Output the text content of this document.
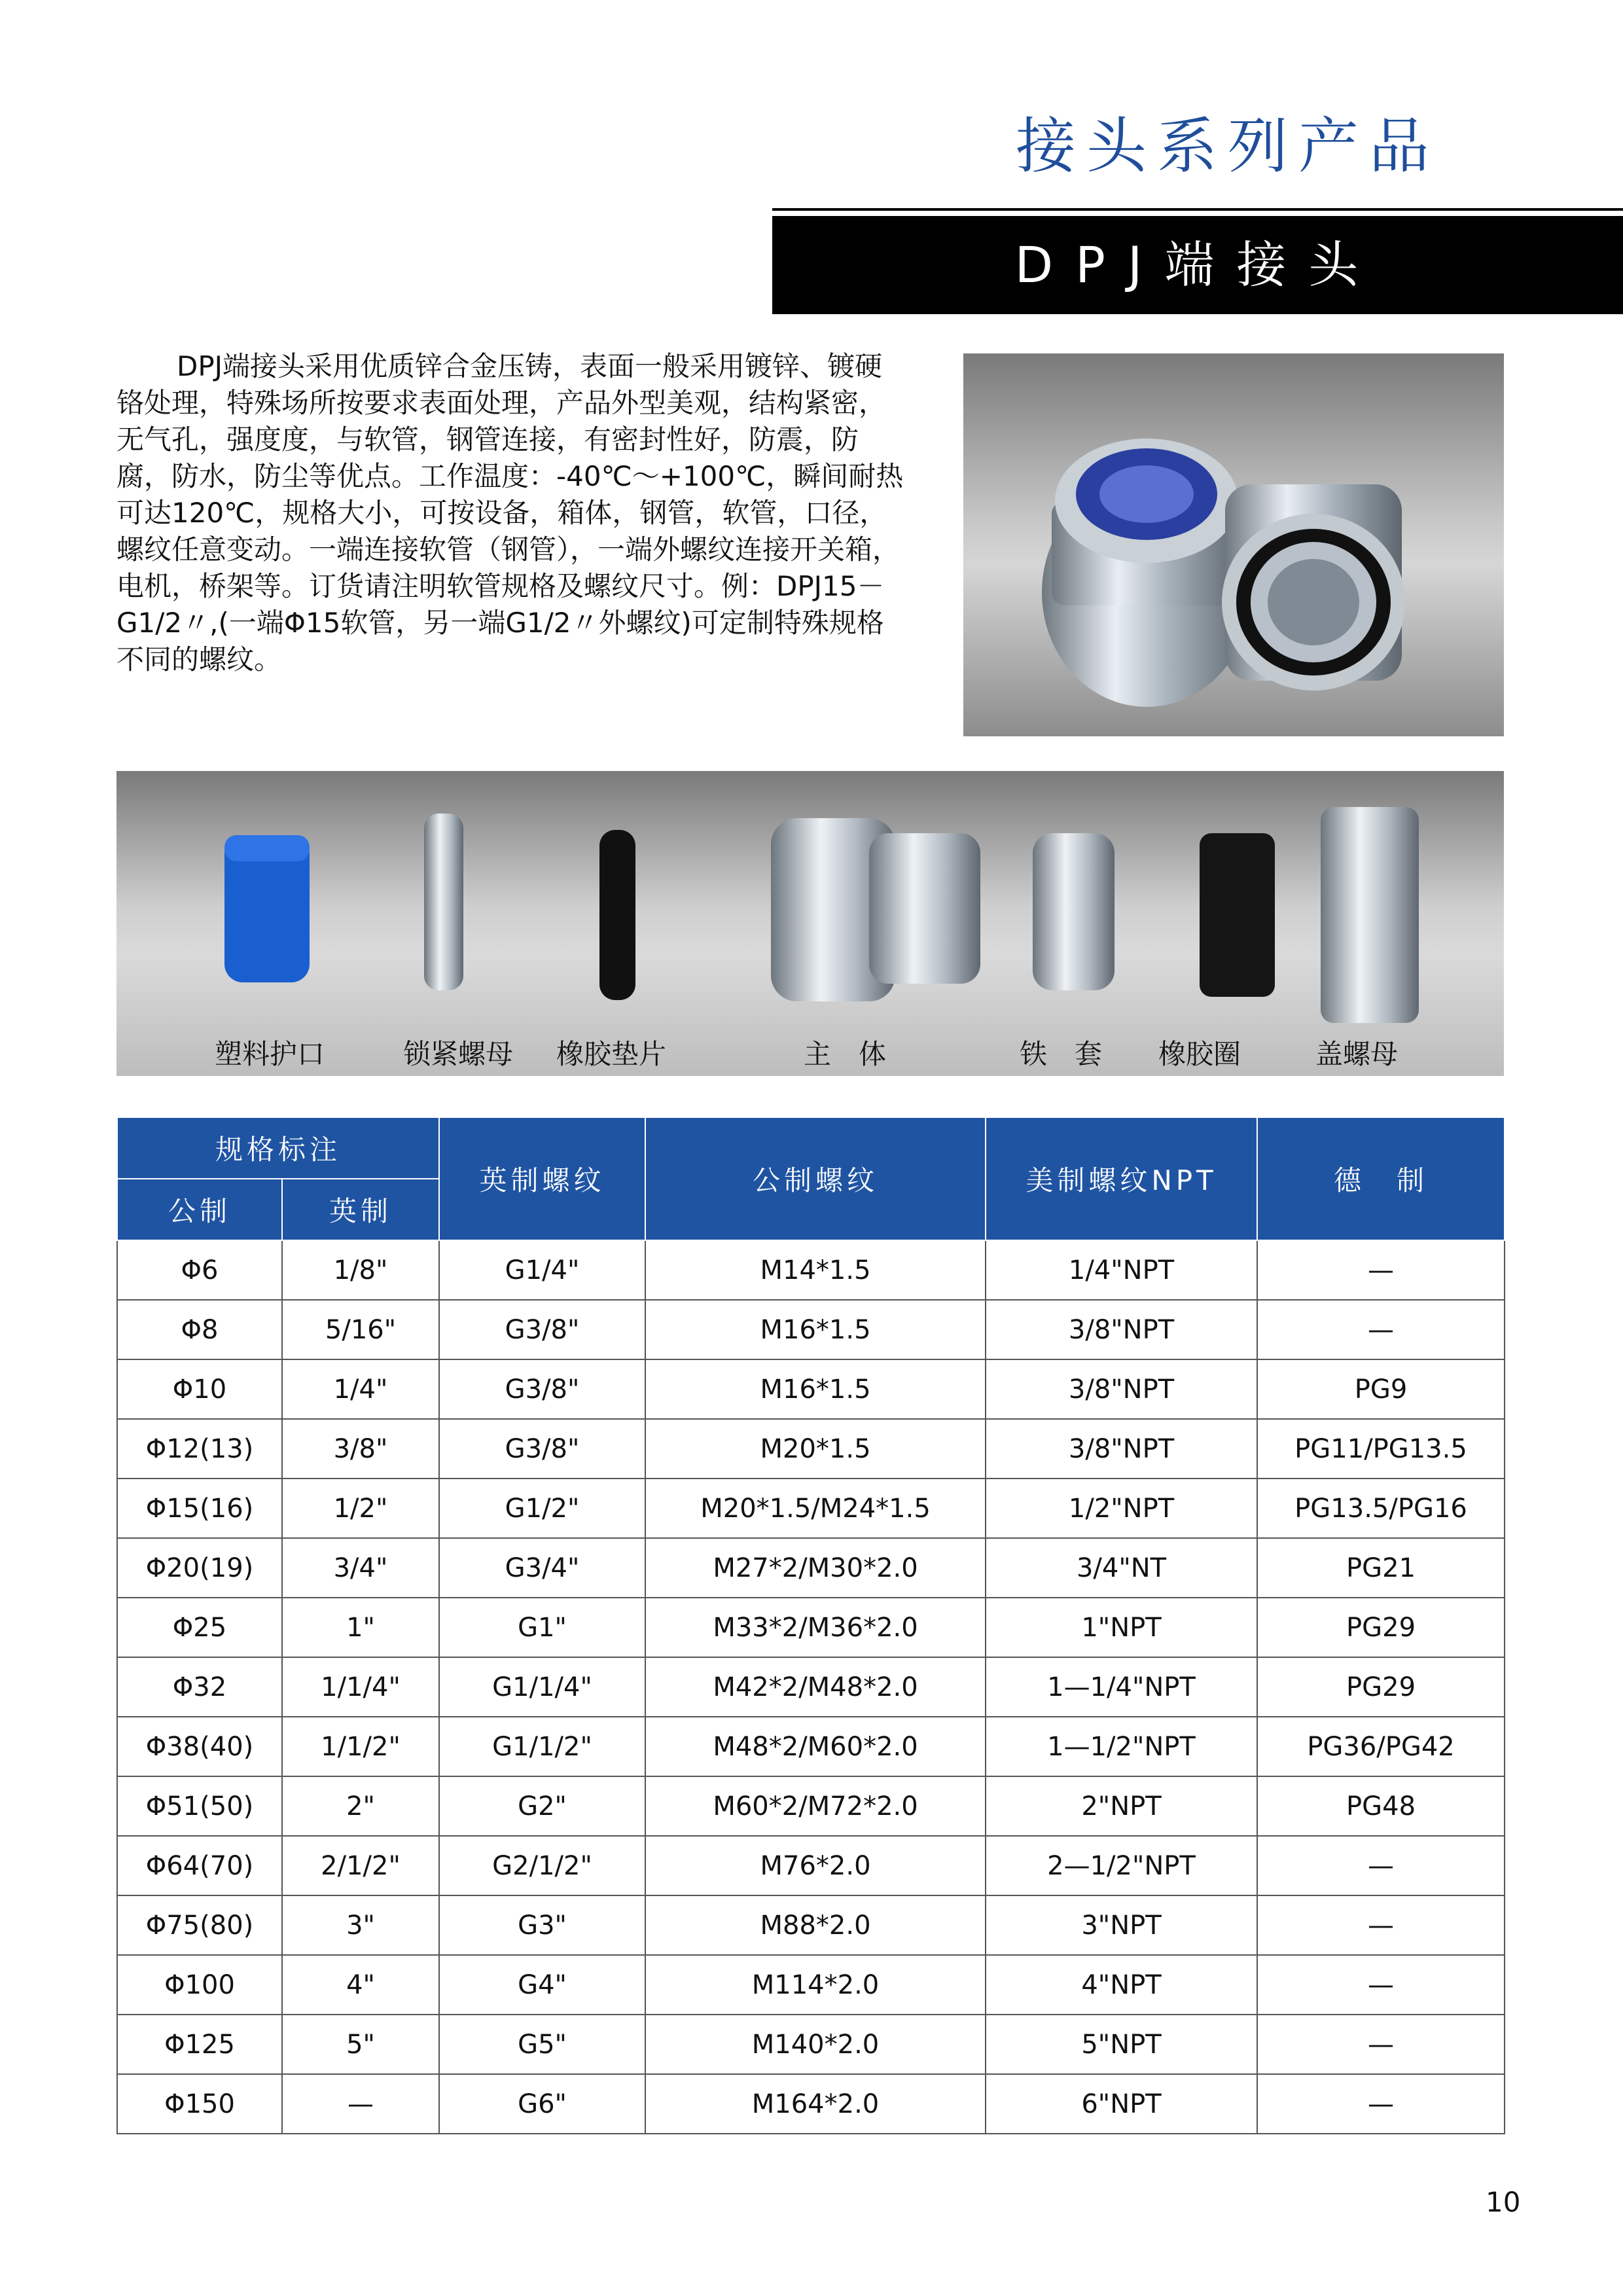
接头系列产品
DPJ端接头

DPJ端接头采用优质锌合金压铸，表面一般采用镀锌、镀硬铬处理，特殊场所按要求表面处理，产品外型美观，结构紧密，无气孔，强度度，与软管，钢管连接，有密封性好，防震，防腐，防水，防尘等优点。工作温度：-40℃～+100℃，瞬间耐热可达120℃，规格大小，可按设备，箱体，钢管，软管，口径，螺纹任意变动。一端连接软管（钢管），一端外螺纹连接开关箱，电机，桥架等。订货请注明软管规格及螺纹尺寸。例：DPJ15－G1/2〃,(一端Φ15软管，另一端G1/2〃外螺纹)可定制特殊规格不同的螺纹。

塑料护口	锁紧螺母 橡胶垫片	主　体	铁　套 橡胶圈	盖螺母
规格标注		英制螺纹	公制螺纹	美制螺纹NPT	德　制
公制	英制				
Φ6	1/8"	G1/4"	M14*1.5	1/4"NPT	—
Φ8	5/16"	G3/8"	M16*1.5	3/8"NPT	—
Φ10	1/4"	G3/8"	M16*1.5	3/8"NPT	PG9
Φ12(13)	3/8"	G3/8"	M20*1.5	3/8"NPT	PG11/PG13.5
Φ15(16)	1/2"	G1/2"	M20*1.5/M24*1.5	1/2"NPT	PG13.5/PG16
Φ20(19)	3/4"	G3/4"	M27*2/M30*2.0	3/4"NT	PG21
Φ25	1"	G1"	M33*2/M36*2.0	1"NPT	PG29
Φ32	1/1/4"	G1/1/4"	M42*2/M48*2.0	1—1/4"NPT	PG29
Φ38(40)	1/1/2"	G1/1/2"	M48*2/M60*2.0	1—1/2"NPT	PG36/PG42
Φ51(50)	2"	G2"	M60*2/M72*2.0	2"NPT	PG48
Φ64(70)	2/1/2"	G2/1/2"	M76*2.0	2—1/2"NPT	—
Φ75(80)	3"	G3"	M88*2.0	3"NPT	—
Φ100	4"	G4"	M114*2.0	4"NPT	—
Φ125	5"	G5"	M140*2.0	5"NPT	—
Φ150	—	G6"	M164*2.0	6"NPT	—
10
